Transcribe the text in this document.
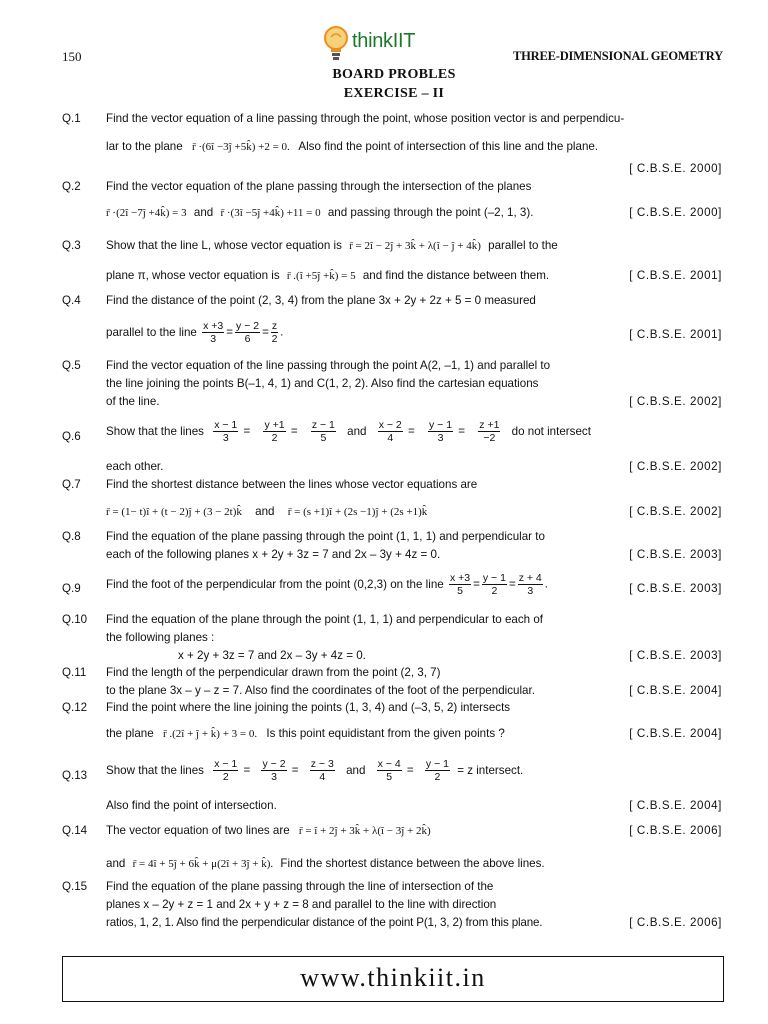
150
thinkIIT
THREE-DIMENSIONAL GEOMETRY
BOARD PROBLES
EXERCISE – II
Q.1 Find the vector equation of a line passing through the point, whose position vector is and perpendicu-
lar to the plane r̄ ·(6î −3ĵ +5k̂) +2 = 0. Also find the point of intersection of this line and the plane.
[ C.B.S.E. 2000]
Q.2 Find the vector equation of the plane passing through the intersection of the planes
r̄ ·(2î −7ĵ +4k̂) = 3 and r̄ ·(3î −5ĵ +4k̂) +11 = 0 and passing through the point (–2, 1, 3).	[ C.B.S.E. 2000]
Q.3 Show that the line L, whose vector equation is r̄ = 2î − 2ĵ + 3k̂ + λ(î − ĵ + 4k̂) parallel to the
plane π, whose vector equation is r̄ .(î +5ĵ +k̂) = 5 and find the distance between them.	[ C.B.S.E. 2001]
Q.4 Find the distance of the point (2, 3, 4) from the plane 3x + 2y + 2z + 5 = 0 measured
parallel to the line $\frac{x +3}{3} = \frac{y - 2}{6} = \frac{z}{2}$ .	[ C.B.S.E. 2001]
Q.5 Find the vector equation of the line passing through the point A(2, –1, 1) and parallel to
the line joining the points B(–1, 4, 1) and C(1, 2, 2). Also find the cartesian equations
of the line.	[ C.B.S.E. 2002]
Q.6 Show that the lines $\frac{x - 1}{3} = \frac{y +1}{2} = \frac{z - 1}{5}$ and $\frac{x - 2}{4} = \frac{y - 1}{3} = \frac{z +1}{-2}$ do not intersect
each other.	[ C.B.S.E. 2002]
Q.7 Find the shortest distance between the lines whose vector equations are
r̄ = (1− t)î + (t − 2)ĵ + (3 − 2t)k̂ and r̄ = (s +1)î + (2s −1)ĵ + (2s +1)k̂	[ C.B.S.E. 2002]
Q.8 Find the equation of the plane passing through the point (1, 1, 1) and perpendicular to
each of the following planes x + 2y + 3z = 7 and 2x – 3y + 4z = 0.	[ C.B.S.E. 2003]
Q.9 Find the foot of the perpendicular from the point (0,2,3) on the line $\frac{x +3}{5} = \frac{y - 1}{2} = \frac{z + 4}{3}$ .	[ C.B.S.E. 2003]
Q.10 Find the equation of the plane through the point (1, 1, 1) and perpendicular to each of
the following planes :
x + 2y + 3z = 7 and 2x – 3y + 4z = 0.	[ C.B.S.E. 2003]
Q.11 Find the length of the perpendicular drawn from the point (2, 3, 7)
to the plane 3x – y – z = 7. Also find the coordinates of the foot of the perpendicular.	[ C.B.S.E. 2004]
Q.12 Find the point where the line joining the points (1, 3, 4) and (–3, 5, 2) intersects
the plane r̄ .(2î + ĵ + k̂) + 3 = 0. Is this point equidistant from the given points ?	[ C.B.S.E. 2004]
Q.13 Show that the lines $\frac{x - 1}{2} = \frac{y - 2}{3} = \frac{z - 3}{4}$ and $\frac{x - 4}{5} = \frac{y - 1}{2} = z$ intersect.
Also find the point of intersection.	[ C.B.S.E. 2004]
Q.14 The vector equation of two lines are r̄ = î + 2ĵ + 3k̂ + λ(î − 3ĵ + 2k̂)	[ C.B.S.E. 2006]
and r̄ = 4î + 5ĵ + 6k̂ + μ(2î + 3ĵ + k̂). Find the shortest distance between the above lines.
Q.15 Find the equation of the plane passing through the line of intersection of the
planes x – 2y + z = 1 and 2x + y + z = 8 and parallel to the line with direction
ratios, 1, 2, 1. Also find the perpendicular distance of the point P(1, 3, 2) from this plane.	[ C.B.S.E. 2006]
www.thinkiit.in
